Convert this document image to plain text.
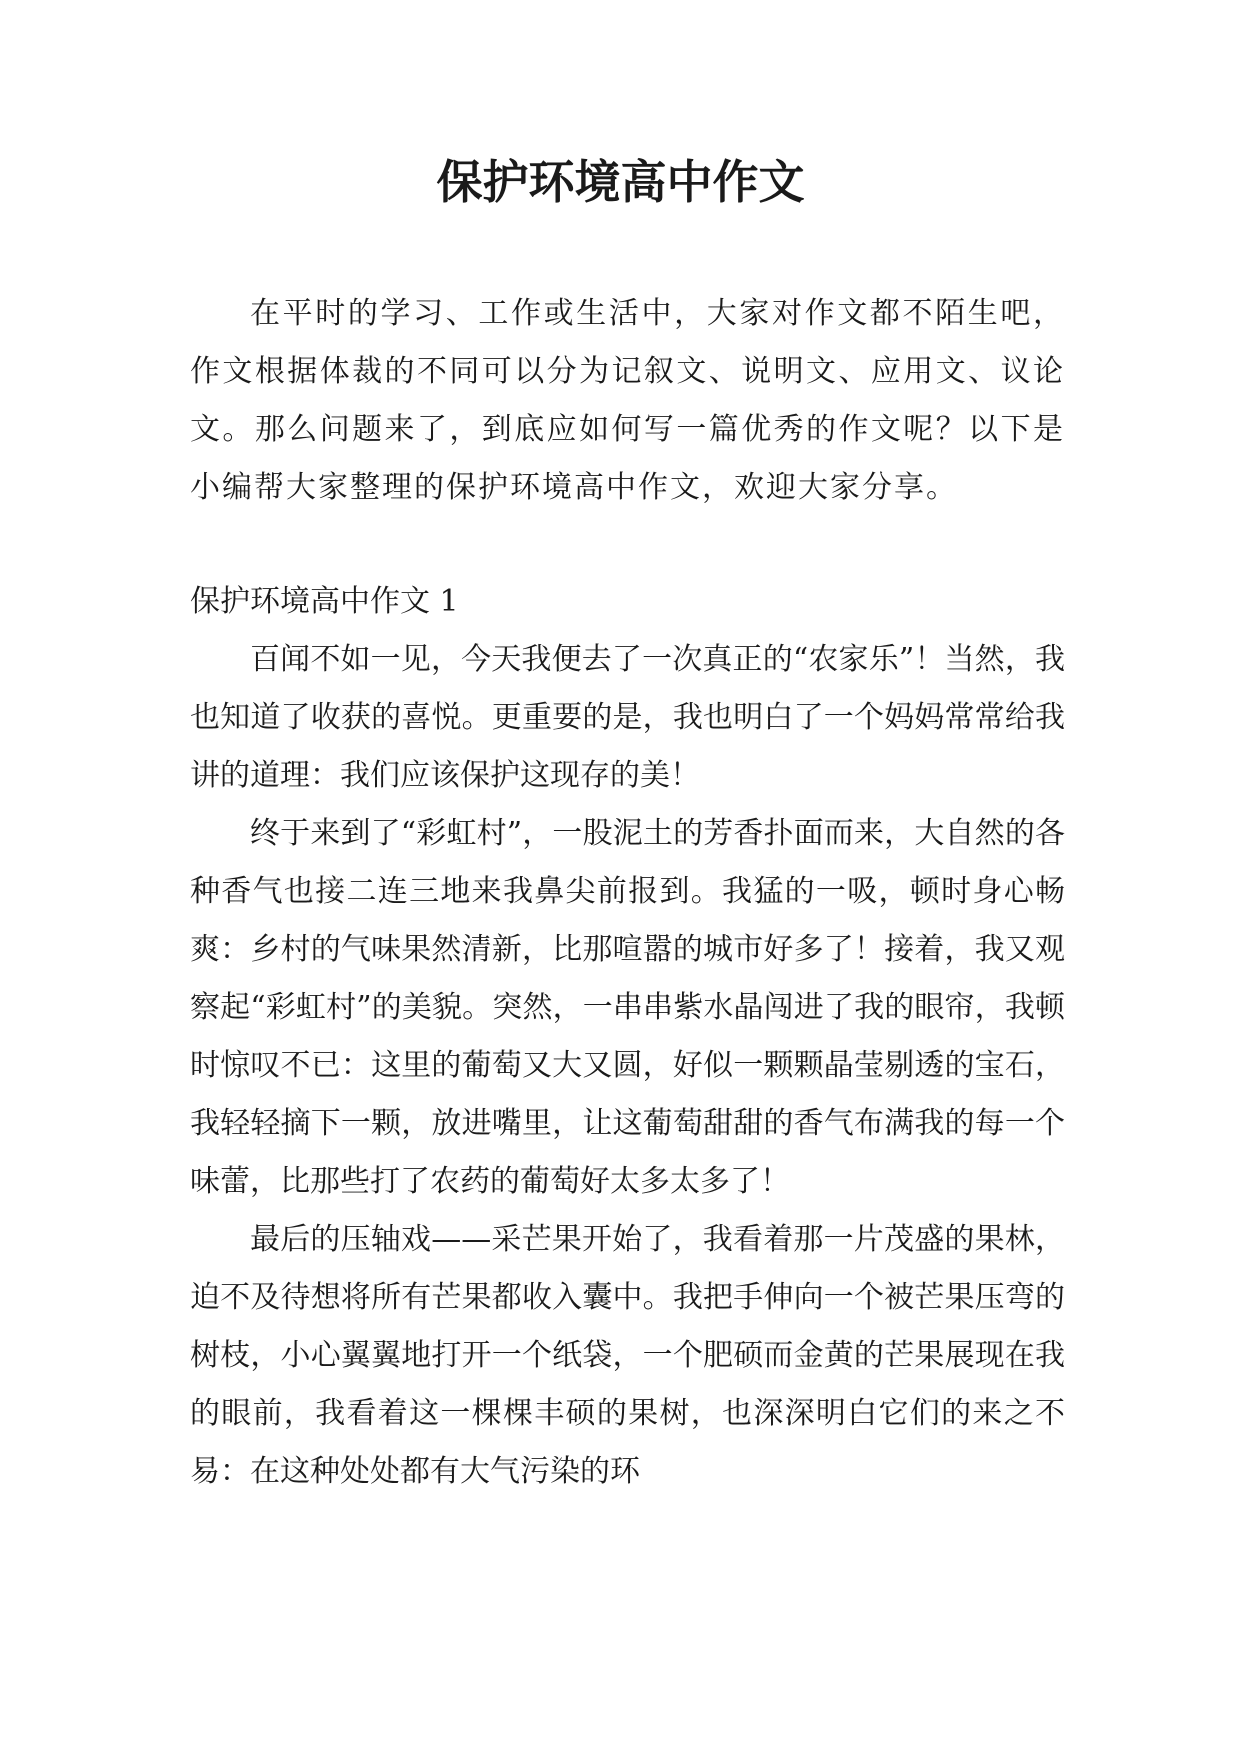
保护环境高中作文

在平时的学习、工作或生活中，大家对作文都不陌生吧，作文根据体裁的不同可以分为记叙文、说明文、应用文、议论文。那么问题来了，到底应如何写一篇优秀的作文呢？以下是小编帮大家整理的保护环境高中作文，欢迎大家分享。

保护环境高中作文 1

百闻不如一见，今天我便去了一次真正的“农家乐”！当然，我也知道了收获的喜悦。更重要的是，我也明白了一个妈妈常常给我讲的道理：我们应该保护这现存的美！

终于来到了“彩虹村”，一股泥土的芳香扑面而来，大自然的各种香气也接二连三地来我鼻尖前报到。我猛的一吸，顿时身心畅爽：乡村的气味果然清新，比那喧嚣的城市好多了！接着，我又观察起“彩虹村”的美貌。突然，一串串紫水晶闯进了我的眼帘，我顿时惊叹不已：这里的葡萄又大又圆，好似一颗颗晶莹剔透的宝石，我轻轻摘下一颗，放进嘴里，让这葡萄甜甜的香气布满我的每一个味蕾，比那些打了农药的葡萄好太多太多了！

最后的压轴戏——采芒果开始了，我看着那一片茂盛的果林，迫不及待想将所有芒果都收入囊中。我把手伸向一个被芒果压弯的树枝，小心翼翼地打开一个纸袋，一个肥硕而金黄的芒果展现在我的眼前，我看着这一棵棵丰硕的果树，也深深明白它们的来之不易：在这种处处都有大气污染的环
